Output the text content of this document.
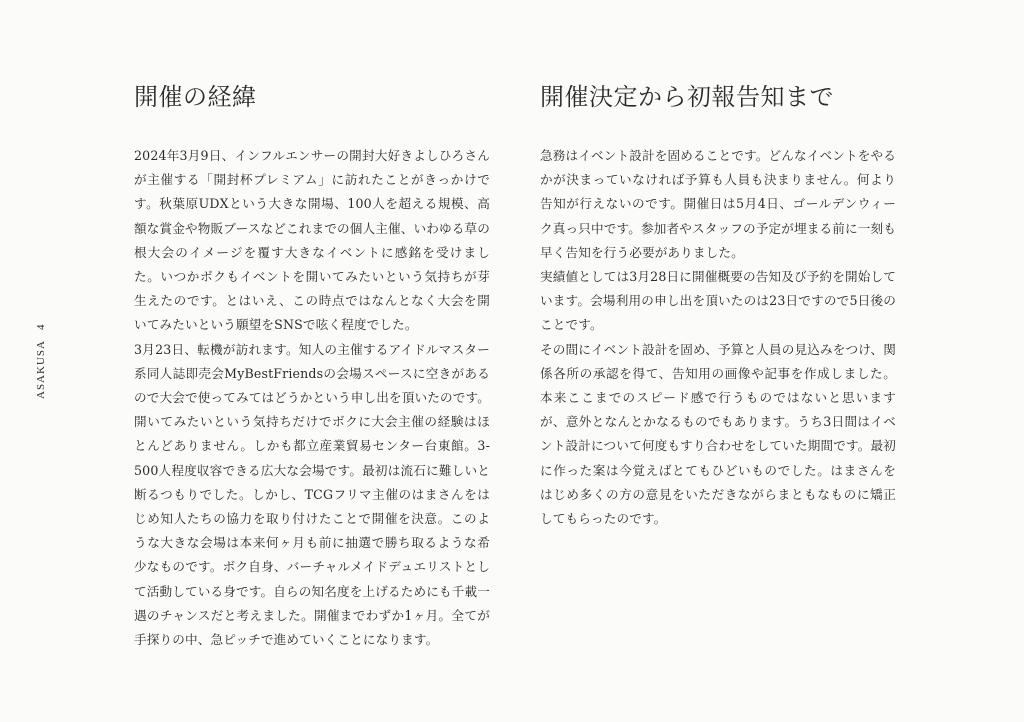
ASAKUSA
4
開催の経緯

2024年3月9日、インフルエンサーの開封大好きよしひろさんが主催する「開封杯プレミアム」に訪れたことがきっかけです。秋葉原UDXという大きな開場、100人を超える規模、高額な賞金や物販ブースなどこれまでの個人主催、いわゆる草の根大会のイメージを覆す大きなイベントに感銘を受けました。いつかボクもイベントを開いてみたいという気持ちが芽生えたのです。とはいえ、この時点ではなんとなく大会を開いてみたいという願望をSNSで呟く程度でした。

3月23日、転機が訪れます。知人の主催するアイドルマスター系同人誌即売会MyBestFriendsの会場スペースに空きがあるので大会で使ってみてはどうかという申し出を頂いたのです。開いてみたいという気持ちだけでボクに大会主催の経験はほとんどありません。しかも都立産業貿易センター台東館。3-500人程度収容できる広大な会場です。最初は流石に難しいと断るつもりでした。しかし、TCGフリマ主催のはまさんをはじめ知人たちの協力を取り付けたことで開催を決意。このような大きな会場は本来何ヶ月も前に抽選で勝ち取るような希少なものです。ボク自身、バーチャルメイドデュエリストとして活動している身です。自らの知名度を上げるためにも千載一遇のチャンスだと考えました。開催までわずか1ヶ月。全てが手探りの中、急ピッチで進めていくことになります。

開催決定から初報告知まで

急務はイベント設計を固めることです。どんなイベントをやるかが決まっていなければ予算も人員も決まりません。何より告知が行えないのです。開催日は5月4日、ゴールデンウィーク真っ只中です。参加者やスタッフの予定が埋まる前に一刻も早く告知を行う必要がありました。

実績値としては3月28日に開催概要の告知及び予約を開始しています。会場利用の申し出を頂いたのは23日ですので5日後のことです。

その間にイベント設計を固め、予算と人員の見込みをつけ、関係各所の承認を得て、告知用の画像や記事を作成しました。本来ここまでのスピード感で行うものではないと思いますが、意外となんとかなるものでもあります。うち3日間はイベント設計について何度もすり合わせをしていた期間です。最初に作った案は今覚えばとてもひどいものでした。はまさんをはじめ多くの方の意見をいただきながらまともなものに矯正してもらったのです。
